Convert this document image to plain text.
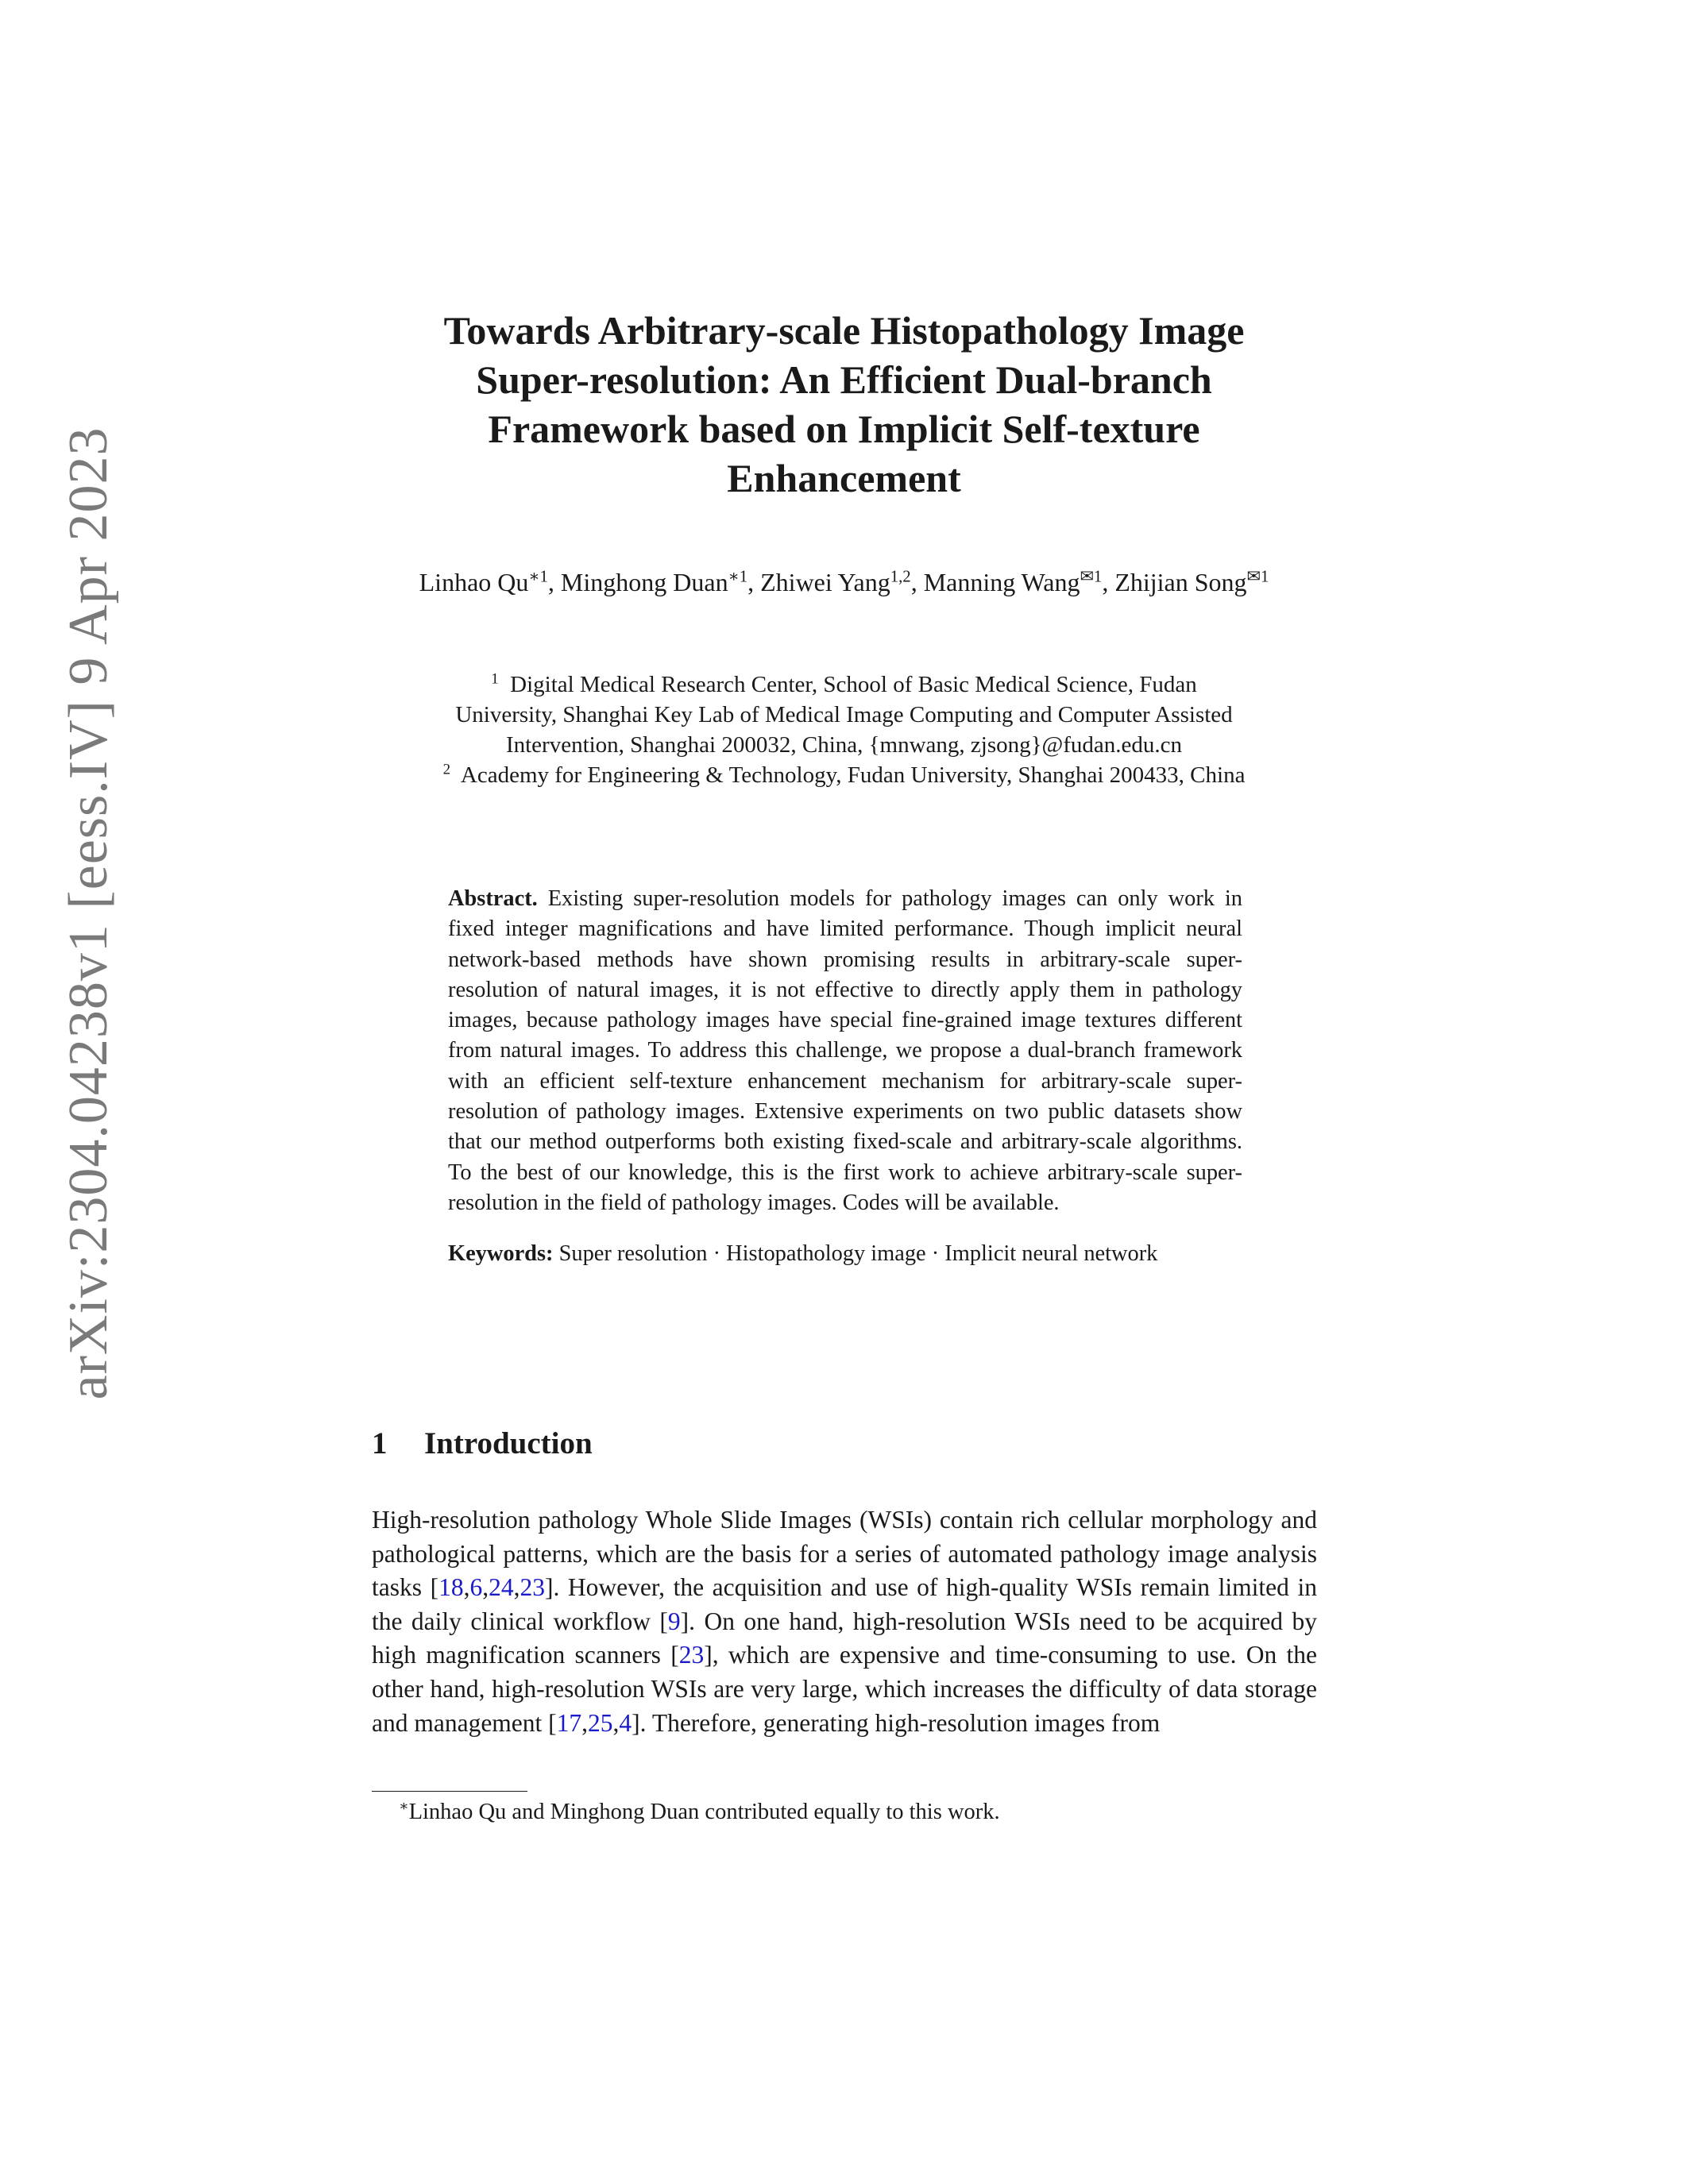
arXiv:2304.04238v1 [eess.IV] 9 Apr 2023
Towards Arbitrary-scale Histopathology Image
Super-resolution: An Efficient Dual-branch
Framework based on Implicit Self-texture
Enhancement
Linhao $Qu^{∗1}$, Minghong Duan$^{∗1}$, Zhiwei Yang$^{1,2}$, Manning Wang$^{✉1}$, Zhijian Song$^{✉1}$

$^1$ Digital Medical Research Center, School of Basic Medical Science, Fudan

University, Shanghai Key Lab of Medical Image Computing and Computer Assisted

Intervention, Shanghai 200032, China, {mnwang, zjsong}@fudan.edu.cn

$^2$ Academy for Engineering & Technology, Fudan University, Shanghai 200433, China

Abstract. Existing super-resolution models for pathology images can only work in fixed integer magnifications and have limited performance. Though implicit neural network-based methods have shown promising results in arbitrary-scale super-resolution of natural images, it is not effective to directly apply them in pathology images, because pathology images have special fine-grained image textures different from natural images. To address this challenge, we propose a dual-branch framework with an efficient self-texture enhancement mechanism for arbitrary-scale super-resolution of pathology images. Extensive experiments on two public datasets show that our method outperforms both existing fixed-scale and arbitrary-scale algorithms. To the best of our knowledge, this is the first work to achieve arbitrary-scale super-resolution in the field of pathology images. Codes will be available.

Keywords: Super resolution · Histopathology image · Implicit neural network

1 Introduction

High-resolution pathology Whole Slide Images (WSIs) contain rich cellular morphology and pathological patterns, which are the basis for a series of automated pathology image analysis tasks [18,6,24,23]. However, the acquisition and use of high-quality WSIs remain limited in the daily clinical workflow [9]. On one hand, high-resolution WSIs need to be acquired by high magnification scanners [23], which are expensive and time-consuming to use. On the other hand, high-resolution WSIs are very large, which increases the difficulty of data storage and management [17,25,4]. Therefore, generating high-resolution images from

∗Linhao Qu and Minghong Duan contributed equally to this work.
